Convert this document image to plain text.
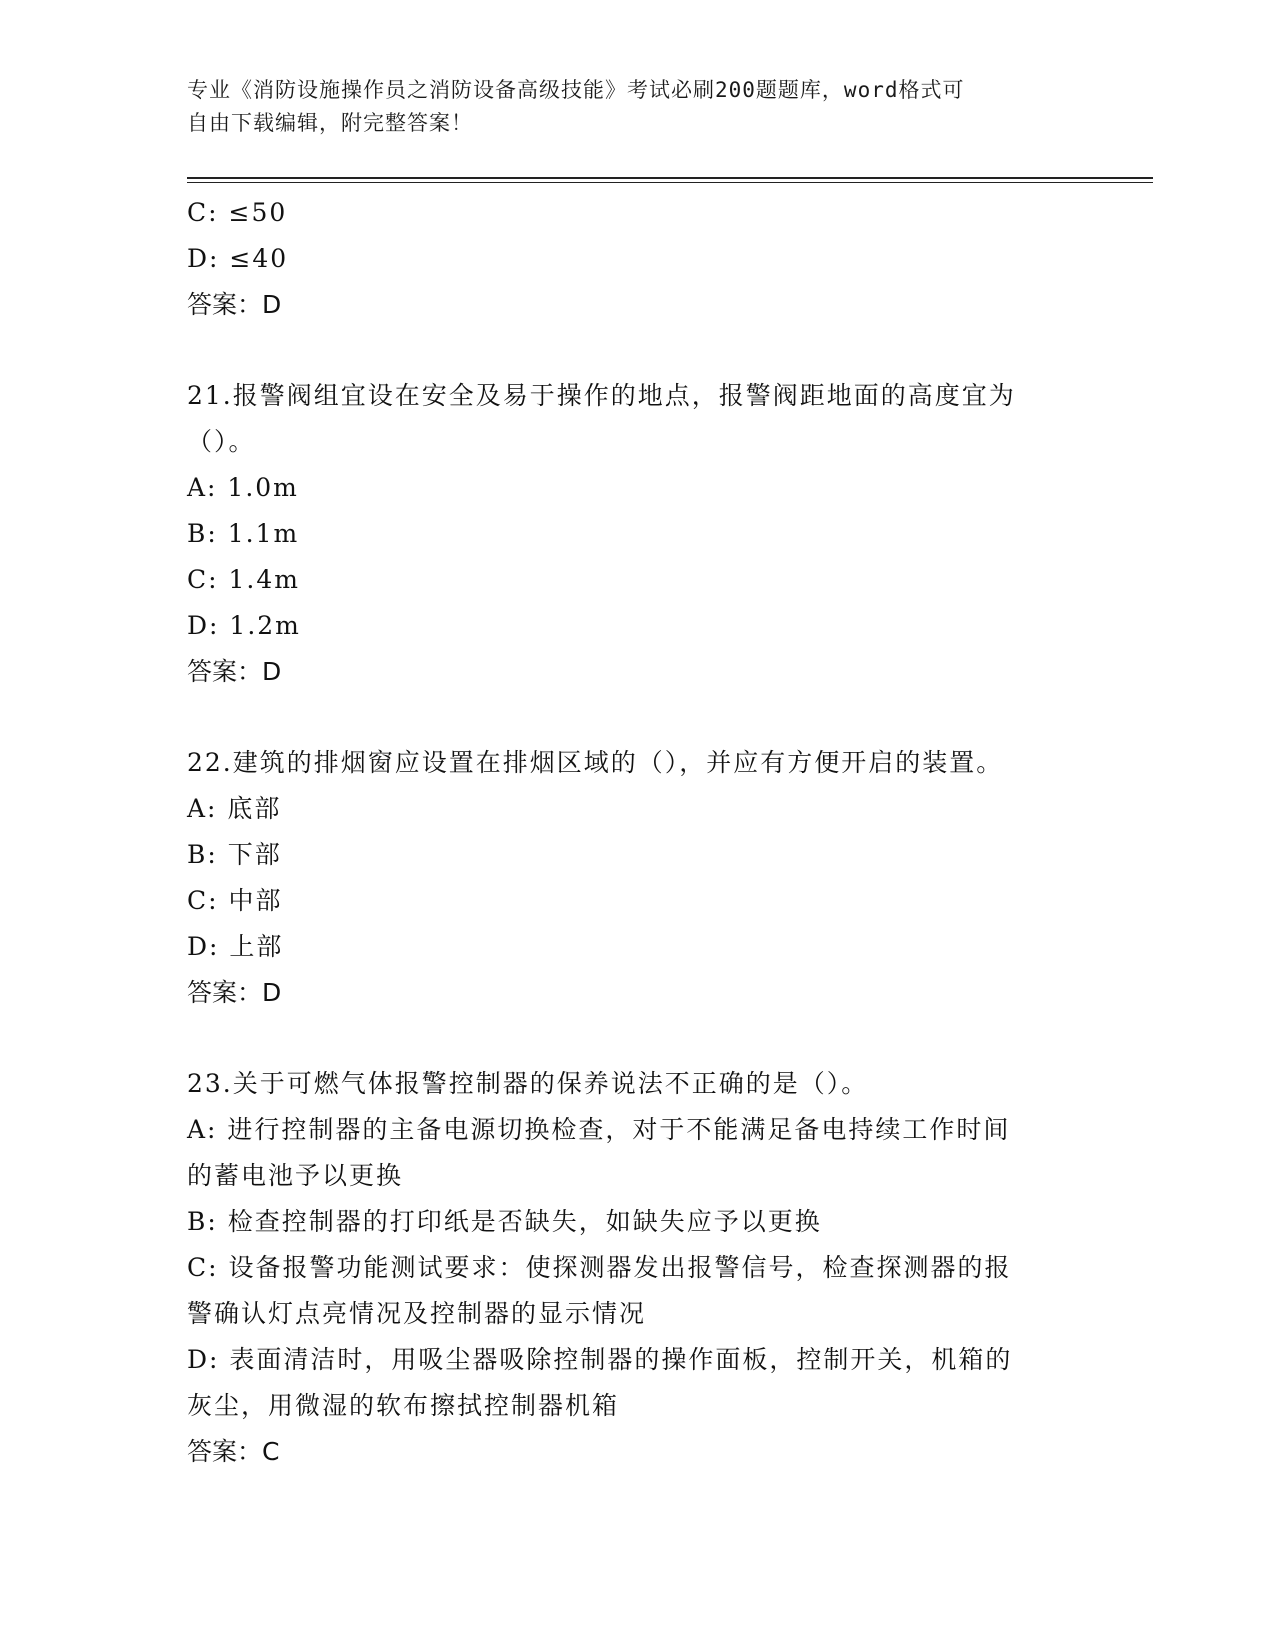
专业《消防设施操作员之消防设备高级技能》考试必刷200题题库，word格式可
自由下载编辑，附完整答案！
C: ≤50
D: ≤40
答案：D
21.报警阀组宜设在安全及易于操作的地点，报警阀距地面的高度宜为
（）。
A: 1.0m
B: 1.1m
C: 1.4m
D: 1.2m
答案：D
22.建筑的排烟窗应设置在排烟区域的（），并应有方便开启的装置。
A: 底部
B: 下部
C: 中部
D: 上部
答案：D
23.关于可燃气体报警控制器的保养说法不正确的是（）。
A: 进行控制器的主备电源切换检查，对于不能满足备电持续工作时间
的蓄电池予以更换
B: 检查控制器的打印纸是否缺失，如缺失应予以更换
C: 设备报警功能测试要求：使探测器发出报警信号，检查探测器的报
警确认灯点亮情况及控制器的显示情况
D: 表面清洁时，用吸尘器吸除控制器的操作面板，控制开关，机箱的
灰尘，用微湿的软布擦拭控制器机箱
答案：C
